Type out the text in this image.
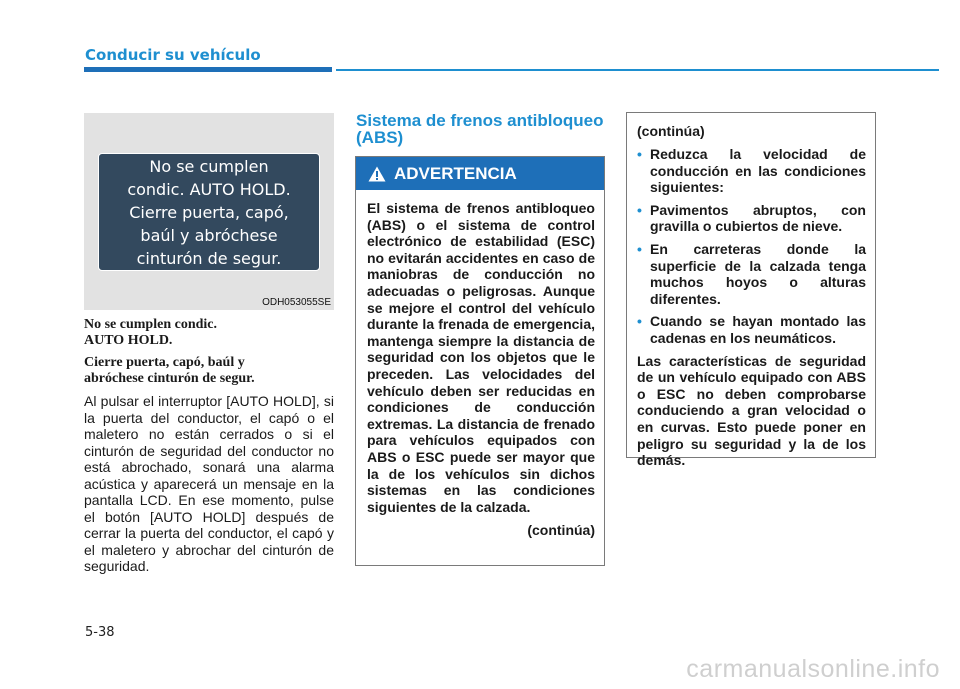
Conducir su vehículo

No se cumplen
condic. AUTO HOLD.
Cierre puerta, capó,
baúl y abróchese
cinturón de segur.

ODH053055SE

No se cumplen condic.
AUTO HOLD.

Cierre puerta, capó, baúl y
abróchese cinturón de segur.

Al pulsar el interruptor [AUTO HOLD], si la puerta del conductor, el capó o el maletero no están cerrados o si el cinturón de seguridad del conductor no está abrochado, sonará una alarma acústica y aparecerá un mensaje en la pantalla LCD. En ese momento, pulse el botón [AUTO HOLD] después de cerrar la puerta del conductor, el capó y el maletero y abrochar del cinturón de seguridad.

Sistema de frenos antibloqueo (ABS)
ADVERTENCIA

El sistema de frenos antibloqueo (ABS) o el sistema de control electrónico de estabilidad (ESC) no evitarán accidentes en caso de maniobras de conducción no adecuadas o peligrosas. Aunque se mejore el control del vehículo durante la frenada de emergencia, mantenga siempre la distancia de seguridad con los objetos que le preceden. Las velocidades del vehículo deben ser reducidas en condiciones de conducción extremas. La distancia de frenado para vehículos equipados con ABS o ESC puede ser mayor que la de los vehículos sin dichos sistemas en las condiciones siguientes de la calzada.

(continúa)

(continúa)

• Reduzca la velocidad de conducción en las condiciones siguientes:
• Pavimentos abruptos, con gravilla o cubiertos de nieve.
• En carreteras donde la superficie de la calzada tenga muchos hoyos o alturas diferentes.
• Cuando se hayan montado las cadenas en los neumáticos.

Las características de seguridad de un vehículo equipado con ABS o ESC no deben comprobarse conduciendo a gran velocidad o en curvas. Esto puede poner en peligro su seguridad y la de los demás.

5-38
carmanualsonline.info
